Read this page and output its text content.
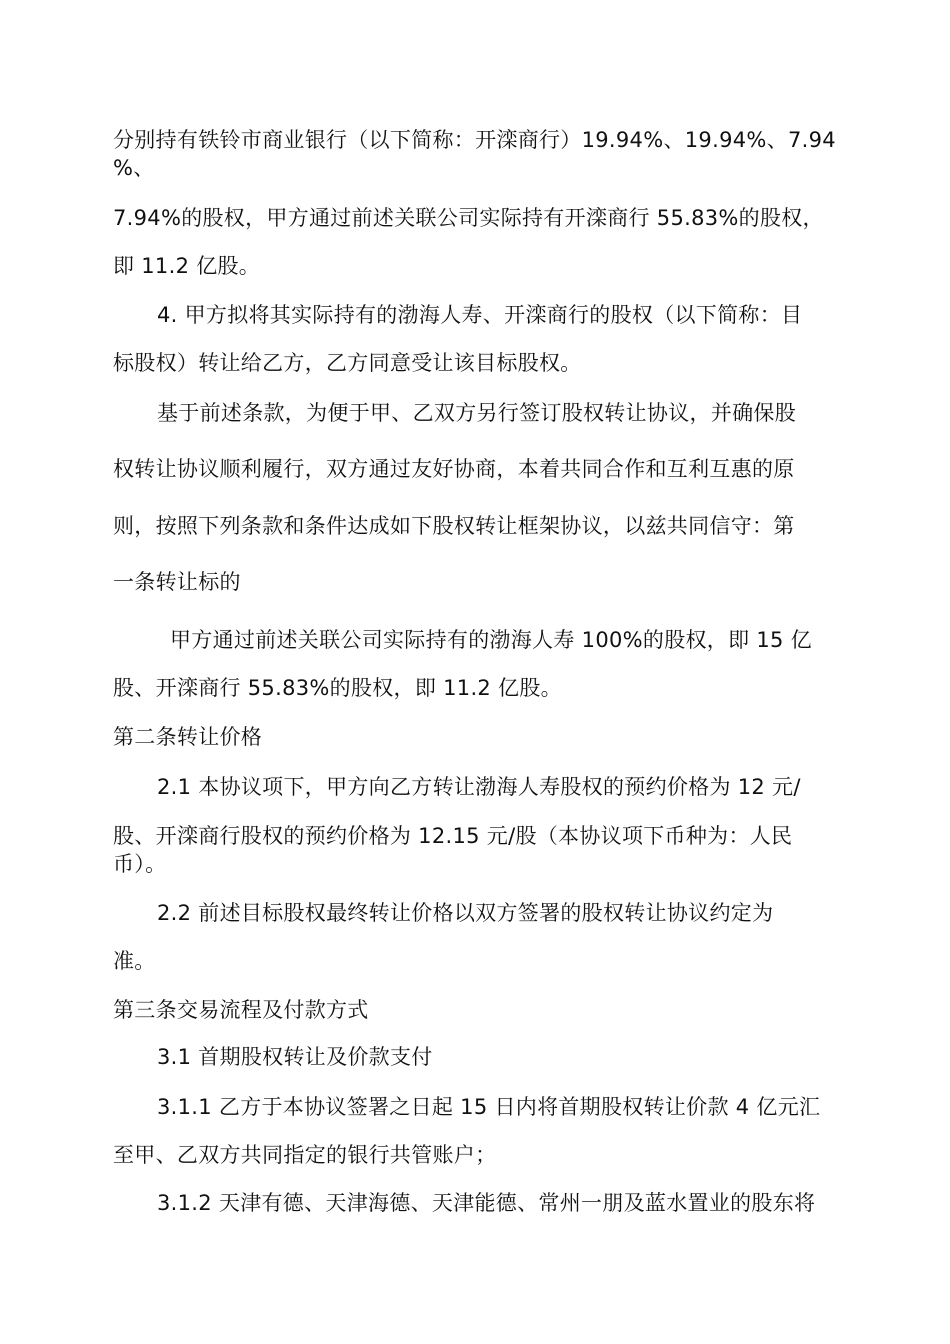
分别持有铁铃市商业银行（以下简称：开滦商行）19.94%、19.94%、7.94
%、
7.94%的股权，甲方通过前述关联公司实际持有开滦商行 55.83%的股权，
即 11.2 亿股。
4. 甲方拟将其实际持有的渤海人寿、开滦商行的股权（以下简称：目
标股权）转让给乙方，乙方同意受让该目标股权。
基于前述条款，为便于甲、乙双方另行签订股权转让协议，并确保股
权转让协议顺利履行，双方通过友好协商，本着共同合作和互利互惠的原
则，按照下列条款和条件达成如下股权转让框架协议，以兹共同信守：第
一条转让标的
甲方通过前述关联公司实际持有的渤海人寿 100%的股权，即 15 亿
股、开滦商行 55.83%的股权，即 11.2 亿股。
第二条转让价格
2.1 本协议项下，甲方向乙方转让渤海人寿股权的预约价格为 12 元/
股、开滦商行股权的预约价格为 12.15 元/股（本协议项下币种为：人民
币）。
2.2 前述目标股权最终转让价格以双方签署的股权转让协议约定为
准。
第三条交易流程及付款方式
3.1 首期股权转让及价款支付
3.1.1 乙方于本协议签署之日起 15 日内将首期股权转让价款 4 亿元汇
至甲、乙双方共同指定的银行共管账户；
3.1.2 天津有德、天津海德、天津能德、常州一朋及蓝水置业的股东将
